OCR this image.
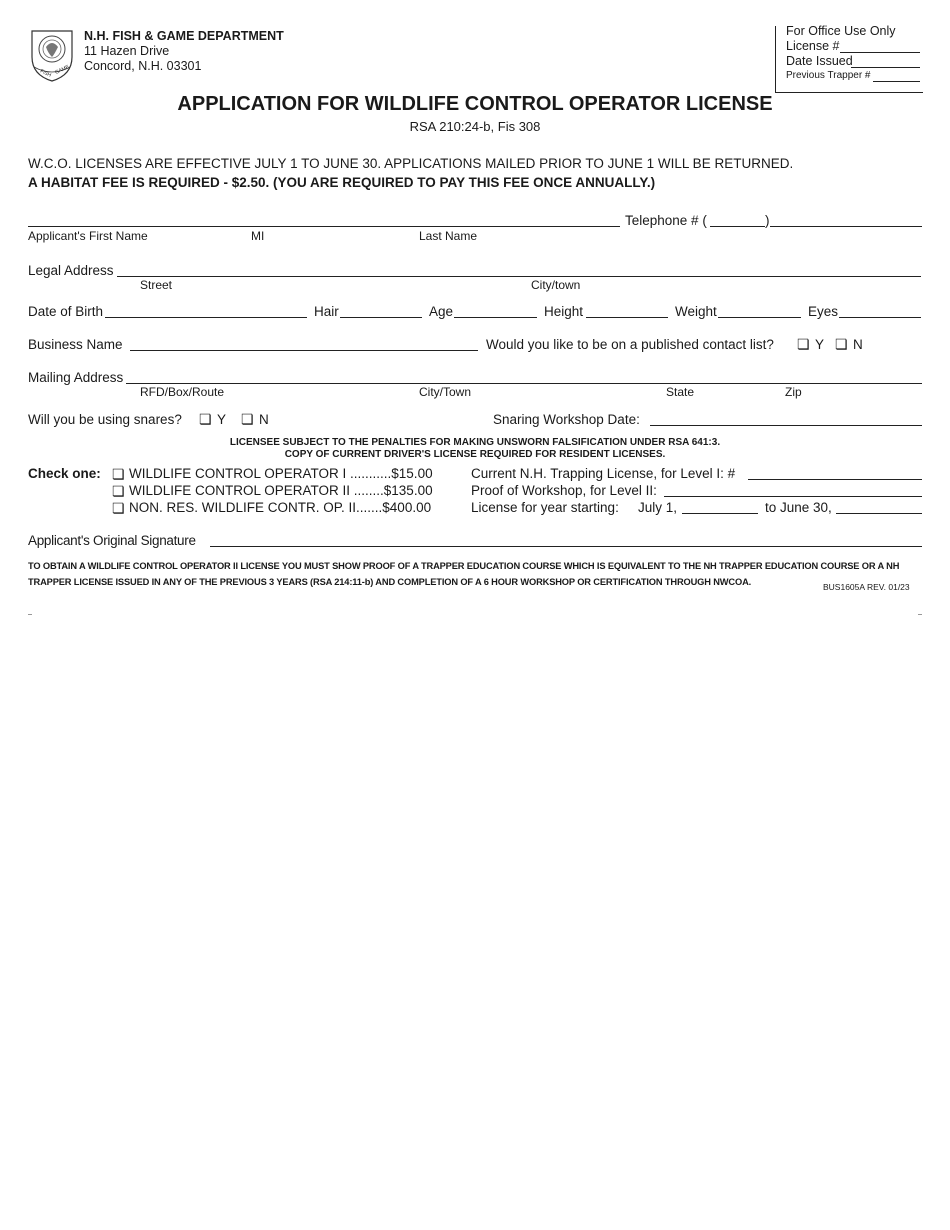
FISH GAME
N.H. FISH & GAME DEPARTMENT
11 Hazen Drive
Concord, N.H. 03301
For Office Use Only
License #
Date Issued
Previous Trapper #
APPLICATION FOR WILDLIFE CONTROL OPERATOR LICENSE
RSA 210:24-b, Fis 308
W.C.O. LICENSES ARE EFFECTIVE JULY 1 TO JUNE 30. APPLICATIONS MAILED PRIOR TO JUNE 1 WILL BE RETURNED.
A HABITAT FEE IS REQUIRED - $2.50. (YOU ARE REQUIRED TO PAY THIS FEE ONCE ANNUALLY.)
Telephone # (	)
Applicant's First Name	MI	Last Name
Legal Address
Street	City/town
Date of Birth	Hair	Age	Height	Weight	Eyes
Business Name	Would you like to be on a published contact list? ❏ Y ❏ N
Mailing Address
RFD/Box/Route	City/Town	State	Zip
Will you be using snares? ❏ Y ❏ N	Snaring Workshop Date:
LICENSEE SUBJECT TO THE PENALTIES FOR MAKING UNSWORN FALSIFICATION UNDER RSA 641:3.
COPY OF CURRENT DRIVER'S LICENSE REQUIRED FOR RESIDENT LICENSES.
Check one: ❏ WILDLIFE CONTROL OPERATOR I ...........$15.00
❏ WILDLIFE CONTROL OPERATOR II ........$135.00
❏ NON. RES. WILDLIFE CONTR. OP. II.......$400.00
Current N.H. Trapping License, for Level I: #
Proof of Workshop, for Level II:
License for year starting: July 1,	to June 30,
Applicant's Original Signature
TO OBTAIN A WILDLIFE CONTROL OPERATOR II LICENSE YOU MUST SHOW PROOF OF A TRAPPER EDUCATION COURSE WHICH IS EQUIVALENT TO THE NH TRAPPER EDUCATION COURSE OR A NH
TRAPPER LICENSE ISSUED IN ANY OF THE PREVIOUS 3 YEARS (RSA 214:11-b) AND COMPLETION OF A 6 HOUR WORKSHOP OR CERTIFICATION THROUGH NWCOA.	BUS1605A REV. 01/23
